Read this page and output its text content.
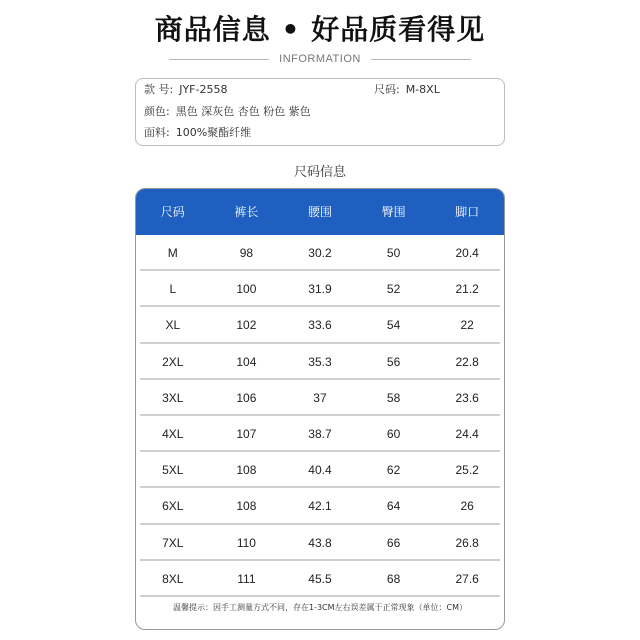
商品信息 • 好品质看得见
INFORMATION
款 号: JYF-2558	尺码: M-8XL
颜色: 黑色 深灰色 杏色 粉色 紫色
面料: 100%聚酯纤维
尺码信息
尺码	裤长	腰围	臀围	脚口
M	98	30.2	50	20.4
L	100	31.9	52	21.2
XL	102	33.6	54	22
2XL	104	35.3	56	22.8
3XL	106	37	58	23.6
4XL	107	38.7	60	24.4
5XL	108	40.4	62	25.2
6XL	108	42.1	64	26
7XL	110	43.8	66	26.8
8XL	111	45.5	68	27.6
温馨提示：因手工测量方式不同，存在1-3CM左右误差属于正常现象（单位：CM）
